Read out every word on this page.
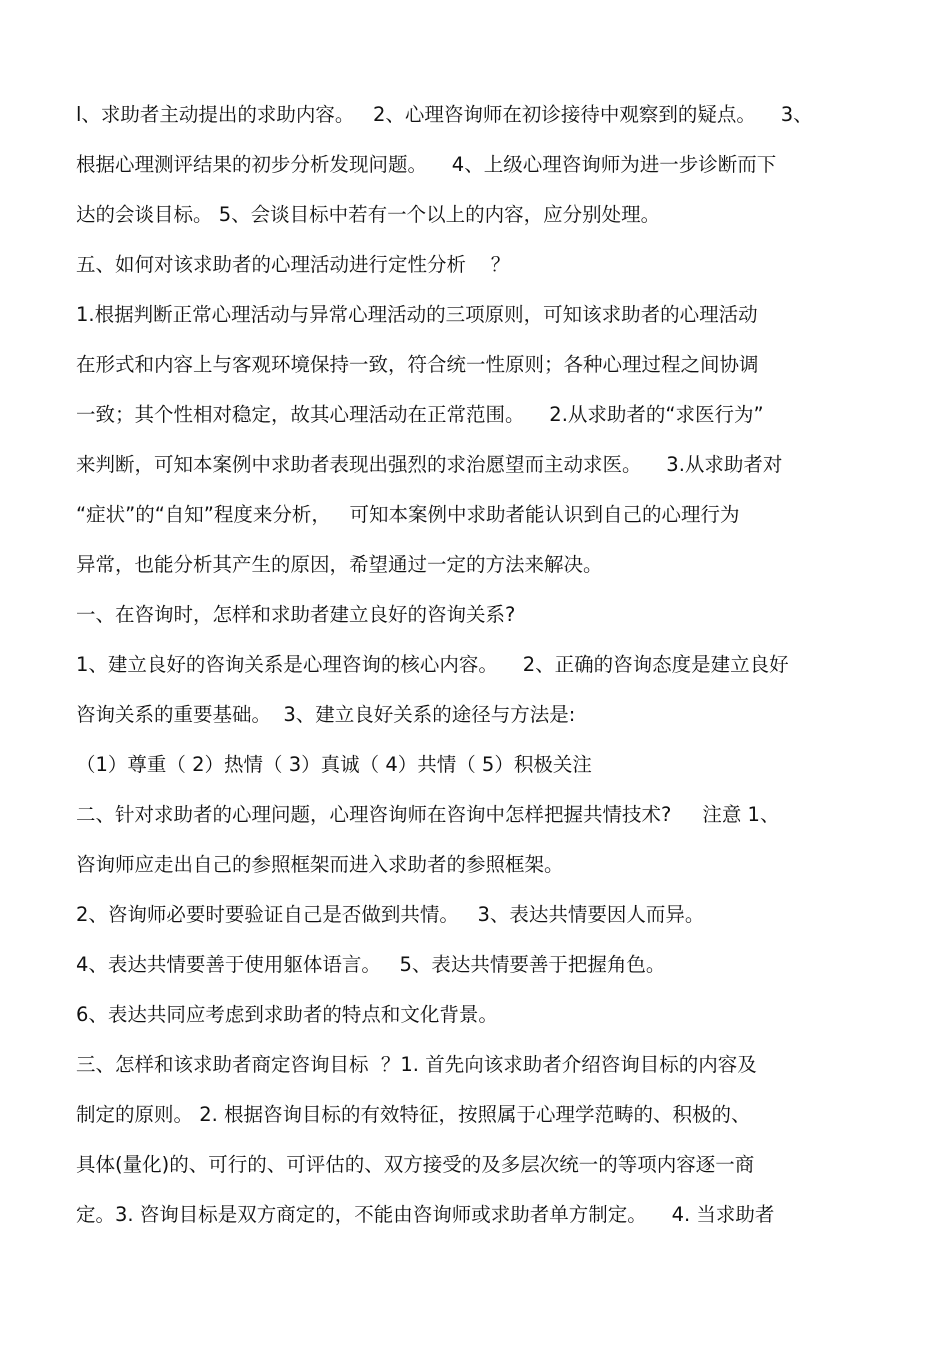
l、求助者主动提出的求助内容。   2、心理咨询师在初诊接待中观察到的疑点。    3、
根据心理测评结果的初步分析发现问题。    4、上级心理咨询师为进一步诊断而下
达的会谈目标。 5、会谈目标中若有一个以上的内容，应分别处理。
五、如何对该求助者的心理活动进行定性分析    ？
1.根据判断正常心理活动与异常心理活动的三项原则，可知该求助者的心理活动
在形式和内容上与客观环境保持一致，符合统一性原则；各种心理过程之间协调
一致；其个性相对稳定，故其心理活动在正常范围。    2.从求助者的“求医行为”
来判断，可知本案例中求助者表现出强烈的求治愿望而主动求医。    3.从求助者对
“症状”的“自知”程度来分析，   可知本案例中求助者能认识到自己的心理行为
异常，也能分析其产生的原因，希望通过一定的方法来解决。
一、在咨询时，怎样和求助者建立良好的咨询关系?
1、建立良好的咨询关系是心理咨询的核心内容。    2、正确的咨询态度是建立良好
咨询关系的重要基础。  3、建立良好关系的途径与方法是:
（1）尊重（ 2）热情（ 3）真诚（ 4）共情（ 5）积极关注
二、针对求助者的心理问题，心理咨询师在咨询中怎样把握共情技术?     注意 1、
咨询师应走出自己的参照框架而进入求助者的参照框架。
2、咨询师必要时要验证自己是否做到共情。   3、表达共情要因人而异。
4、表达共情要善于使用躯体语言。   5、表达共情要善于把握角色。
6、表达共同应考虑到求助者的特点和文化背景。
三、怎样和该求助者商定咨询目标  ？1. 首先向该求助者介绍咨询目标的内容及
制定的原则。 2. 根据咨询目标的有效特征，按照属于心理学范畴的、积极的、
具体(量化)的、可行的、可评估的、双方接受的及多层次统一的等项内容逐一商
定。3. 咨询目标是双方商定的，不能由咨询师或求助者单方制定。    4. 当求助者
